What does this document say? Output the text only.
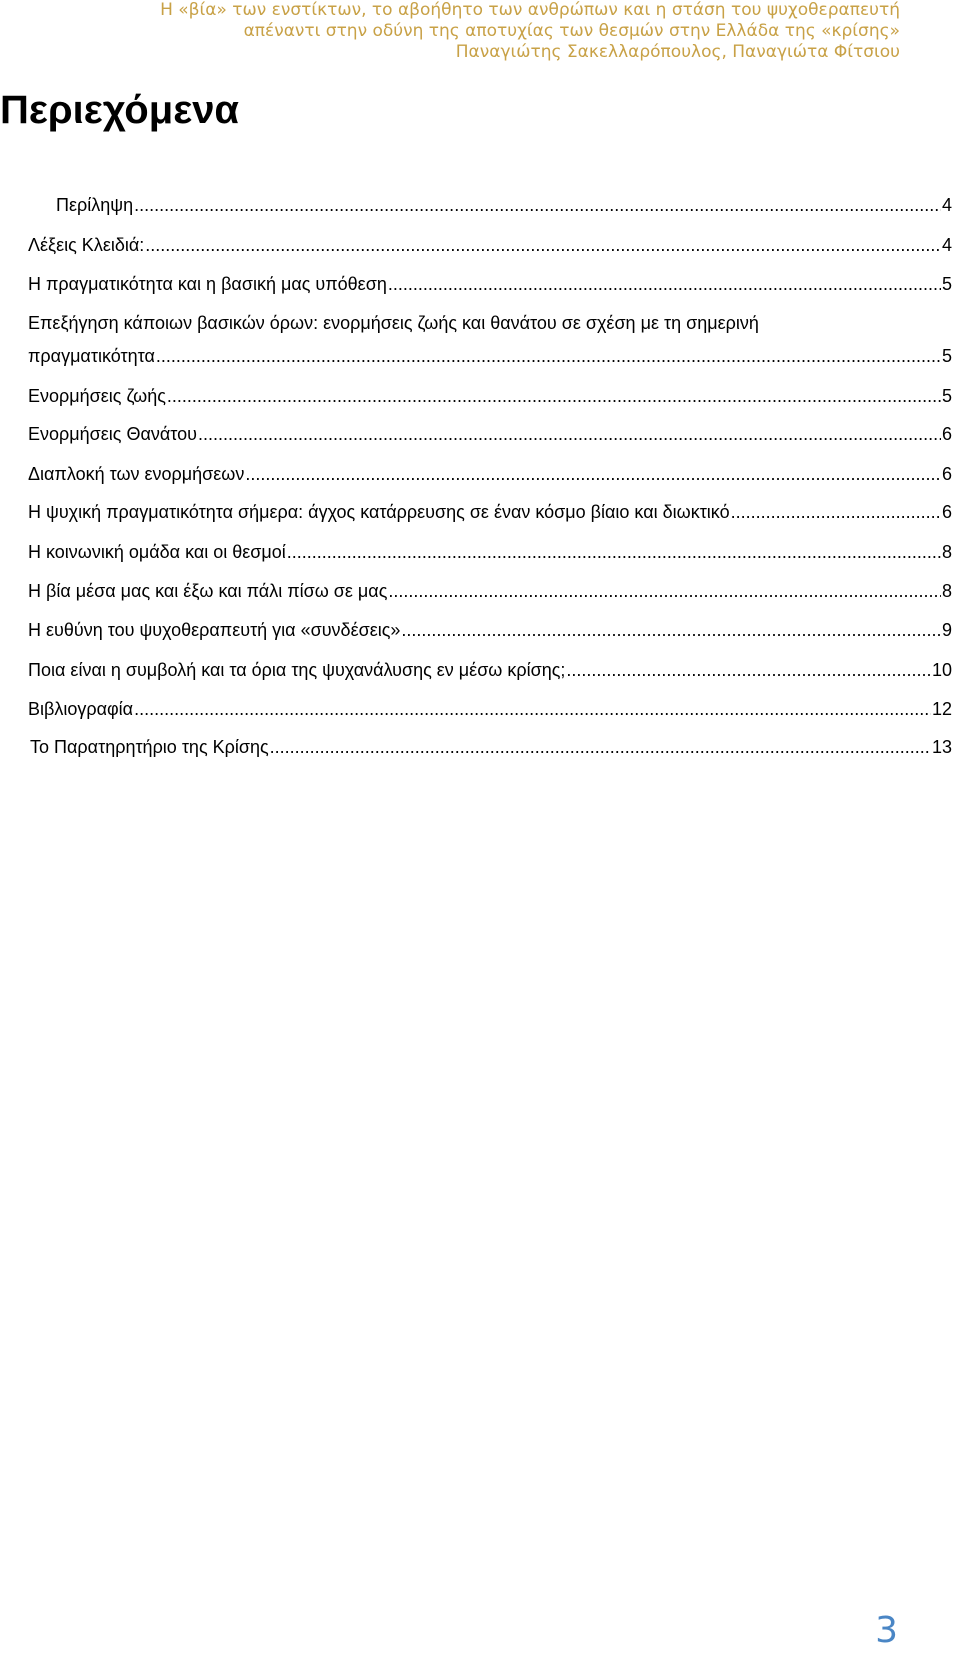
Η «βία» των ενστίκτων, το αβοήθητο των ανθρώπων και η στάση του ψυχοθεραπευτή
απέναντι στην οδύνη της αποτυχίας των θεσμών στην Ελλάδα της «κρίσης»
Παναγιώτης Σακελλαρόπουλος, Παναγιώτα Φίτσιου
Περιεχόμενα
Περίληψη .....	4
Λέξεις Κλειδιά: .....	4
Η πραγματικότητα και η βασική μας υπόθεση .....	5
Επεξήγηση κάποιων βασικών όρων: ενορμήσεις ζωής και θανάτου σε σχέση με τη σημερινή
πραγματικότητα .....	5
Ενορμήσεις ζωής .....	5
Ενορμήσεις Θανάτου .....	6
Διαπλοκή των ενορμήσεων .....	6
Η ψυχική πραγματικότητα σήμερα: άγχος κατάρρευσης σε έναν κόσμο βίαιο και διωκτικό .....	6
Η κοινωνική ομάδα και οι θεσμοί .....	8
Η βία μέσα μας και έξω και πάλι πίσω σε μας .....	8
Η ευθύνη του ψυχοθεραπευτή για «συνδέσεις» .....	9
Ποια είναι η συμβολή και τα όρια της ψυχανάλυσης εν μέσω κρίσης; .....	10
Βιβλιογραφία .....	12
Το Παρατηρητήριο της Κρίσης .....	13
3
